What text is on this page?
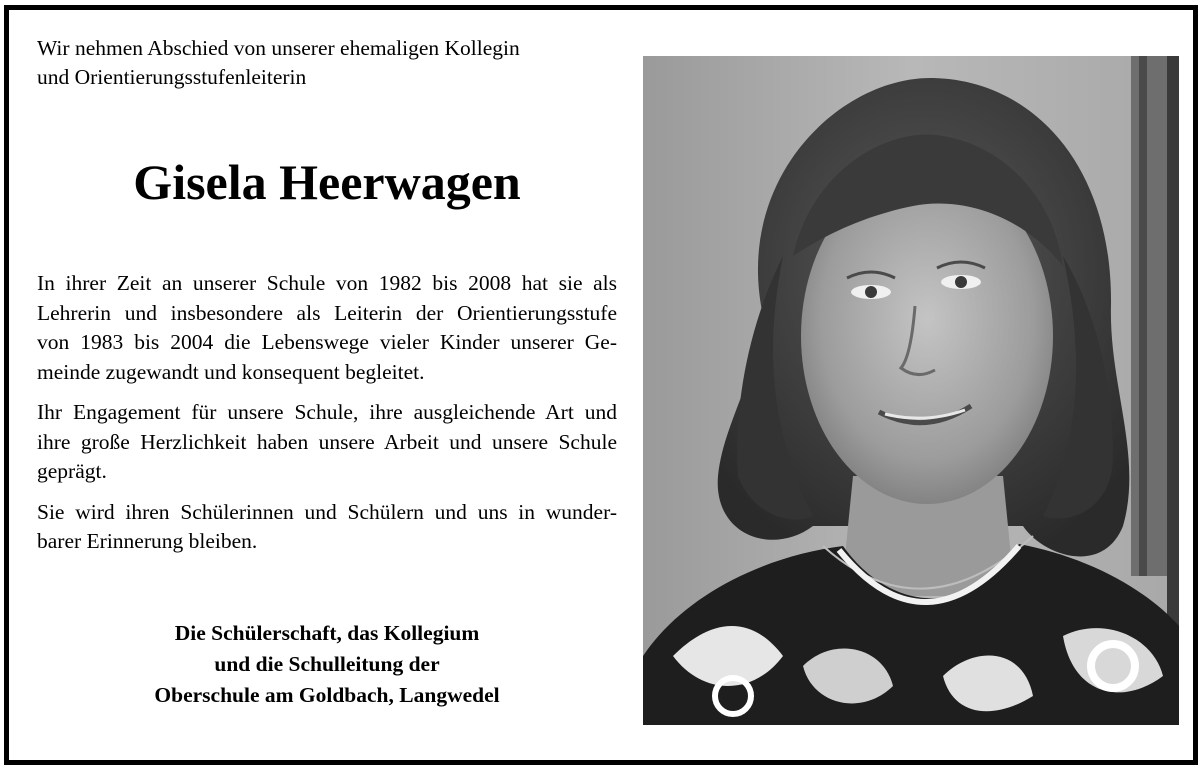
Wir nehmen Abschied von unserer ehemaligen Kollegin
und Orientierungsstufenleiterin

Gisela Heerwagen

In ihrer Zeit an unserer Schule von 1982 bis 2008 hat sie als
Lehrerin und insbesondere als Leiterin der Orientierungsstufe
von 1983 bis 2004 die Lebenswege vieler Kinder unserer Ge-
meinde zugewandt und konsequent begleitet.

Ihr Engagement für unsere Schule, ihre ausgleichende Art und
ihre große Herzlichkeit haben unsere Arbeit und unsere Schule
geprägt.

Sie wird ihren Schülerinnen und Schülern und uns in wunder-
barer Erinnerung bleiben.

Die Schülerschaft, das Kollegium
und die Schulleitung der
Oberschule am Goldbach, Langwedel
